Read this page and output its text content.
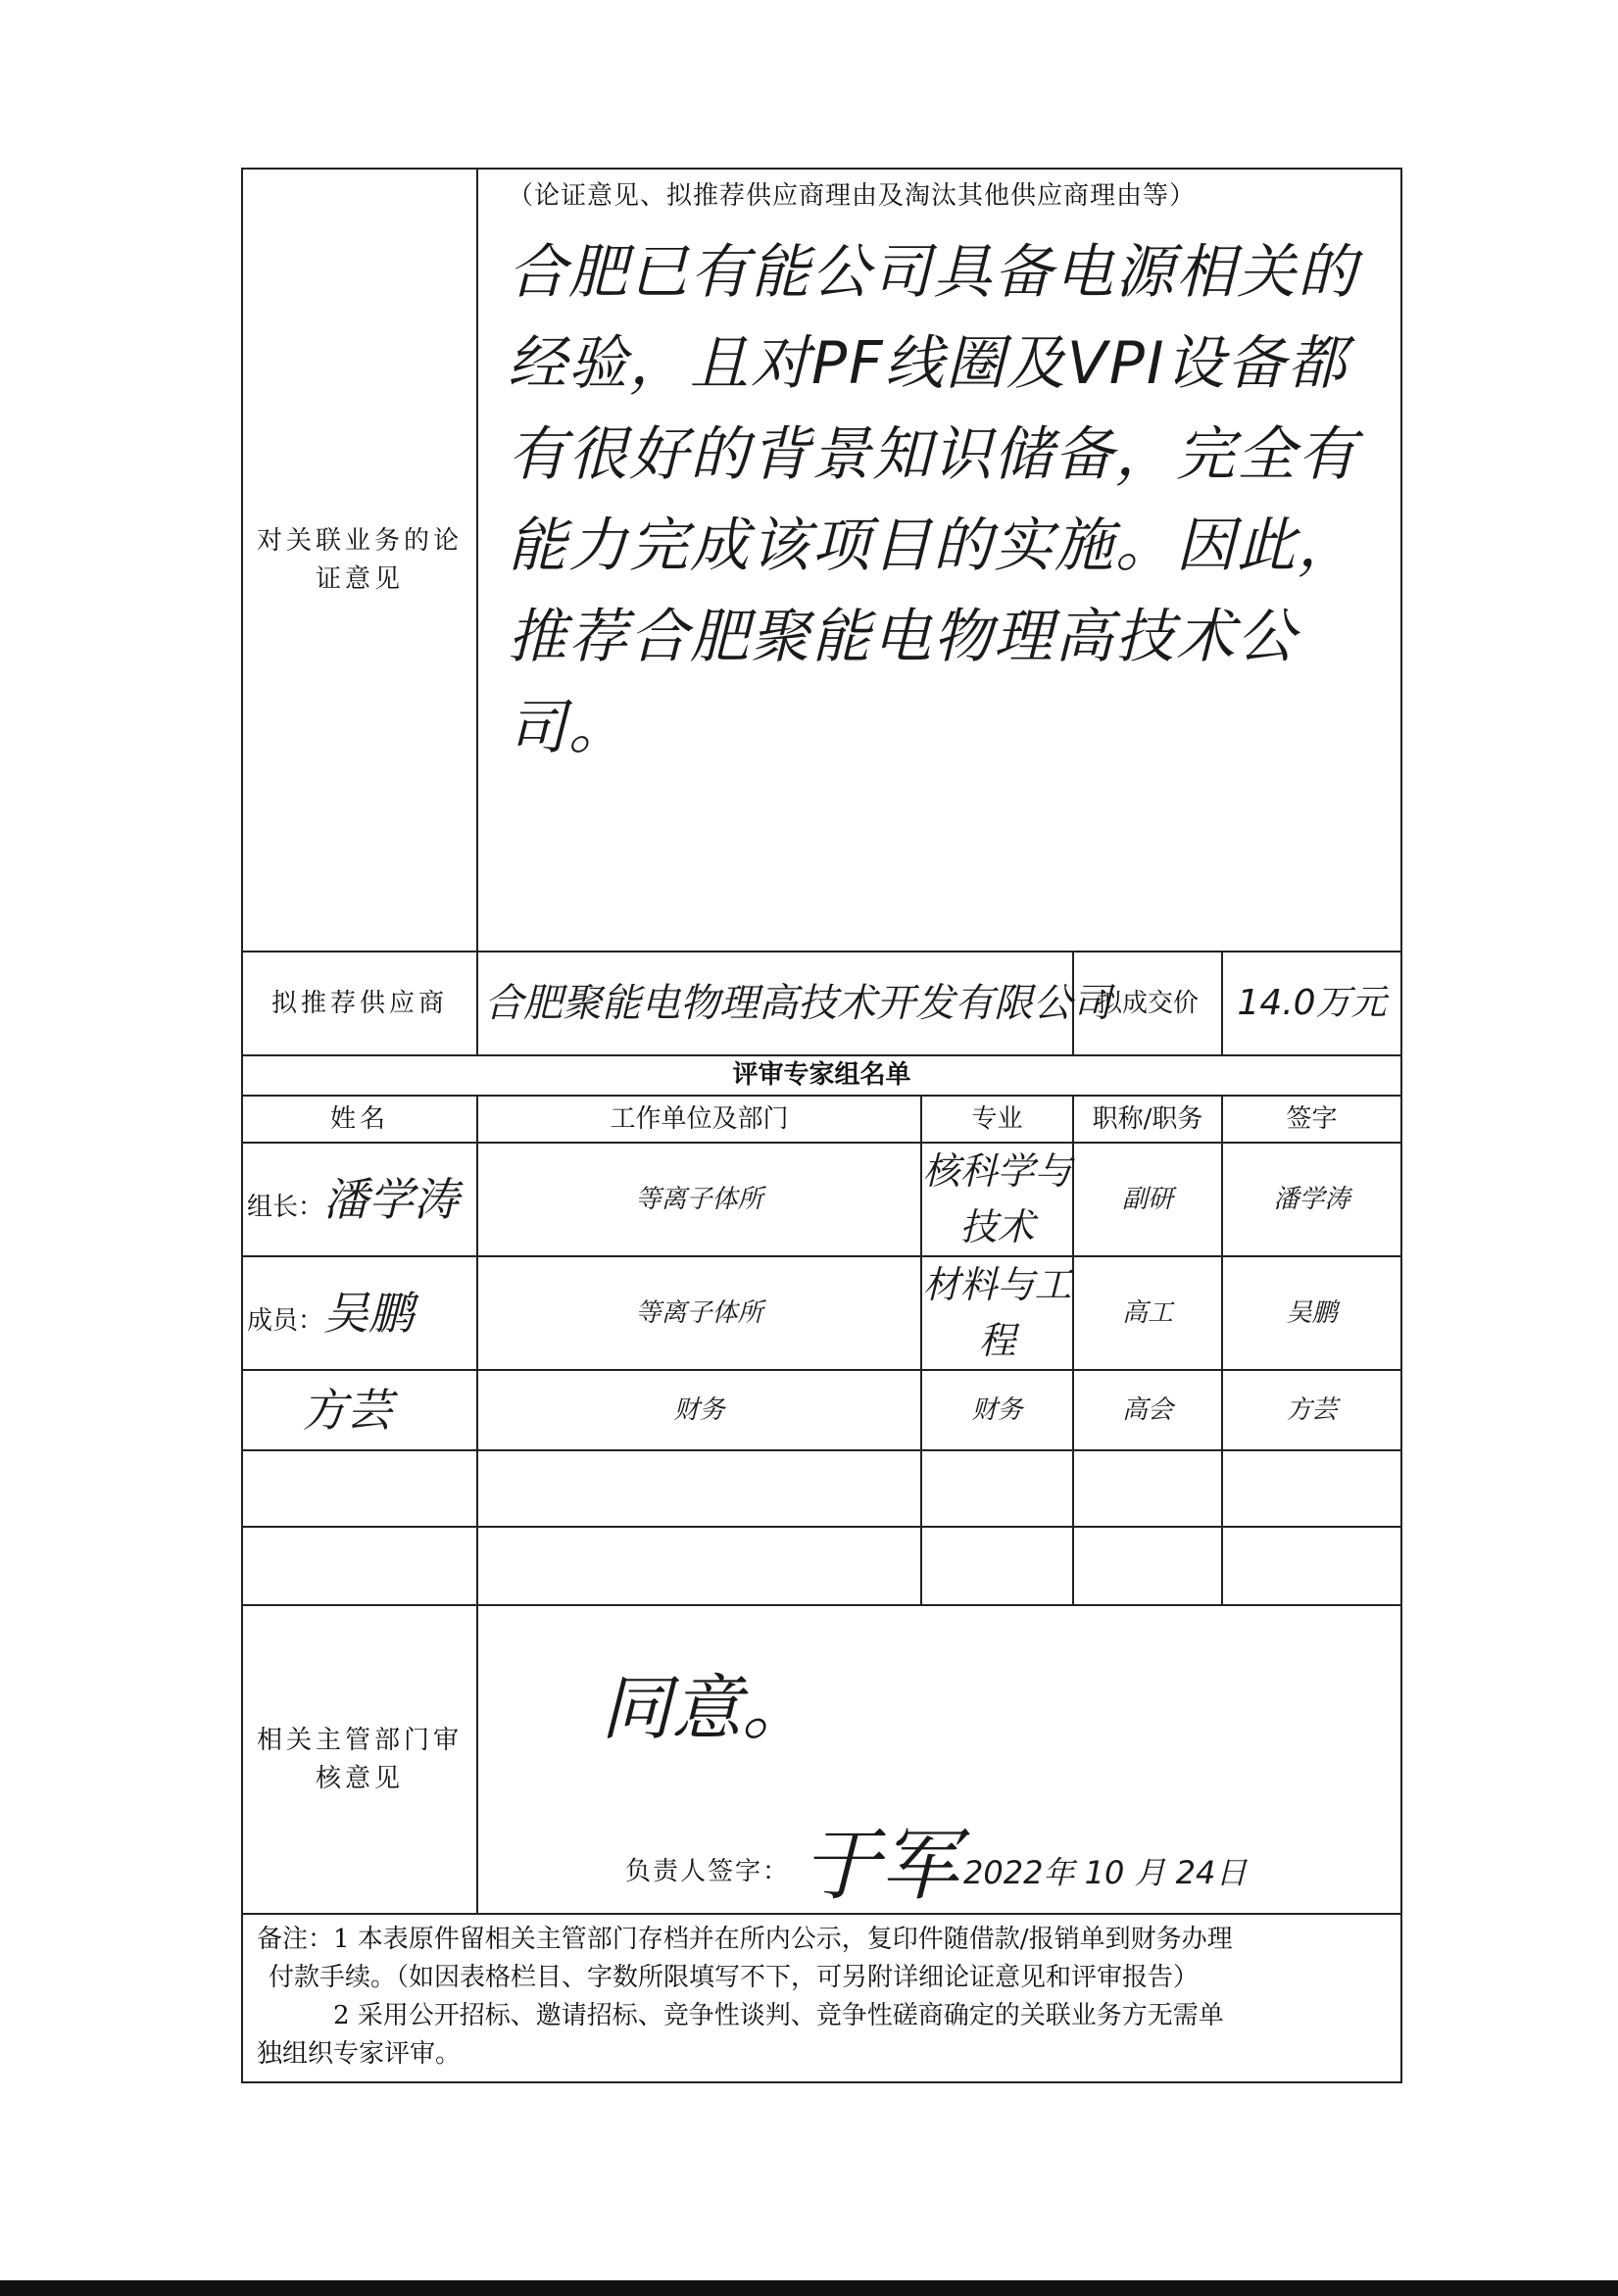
对关联业务的论证意见	（论证意见、拟推荐供应商理由及淘汰其他供应商理由等）
合肥已有能公司具备电源相关的经验，且对PF线圈及VPI设备都有很好的背景知识储备，完全有能力完成该项目的实施。因此，推荐合肥聚能电物理高技术公司。			

拟推荐供应商	合肥聚能电物理高技术开发有限公司		拟成交价	14.0万元
评审专家组名单				
姓名	工作单位及部门	专业	职称/职务	签字
组长：潘学涛	等离子体所	核科学与技术	副研	潘学涛
成员：吴鹏	等离子体所	材料与工程	高工	吴鹏
方芸	财务	财务	高会	方芸

相关主管部门审核意见	同意。
负责人签字： 于军 2022年 10 月 24日			

备注：1 本表原件留相关主管部门存档并在所内公示，复印件随借款/报销单到财务办理

付款手续。（如因表格栏目、字数所限填写不下，可另附详细论证意见和评审报告）

2 采用公开招标、邀请招标、竞争性谈判、竞争性磋商确定的关联业务方无需单

独组织专家评审。				
